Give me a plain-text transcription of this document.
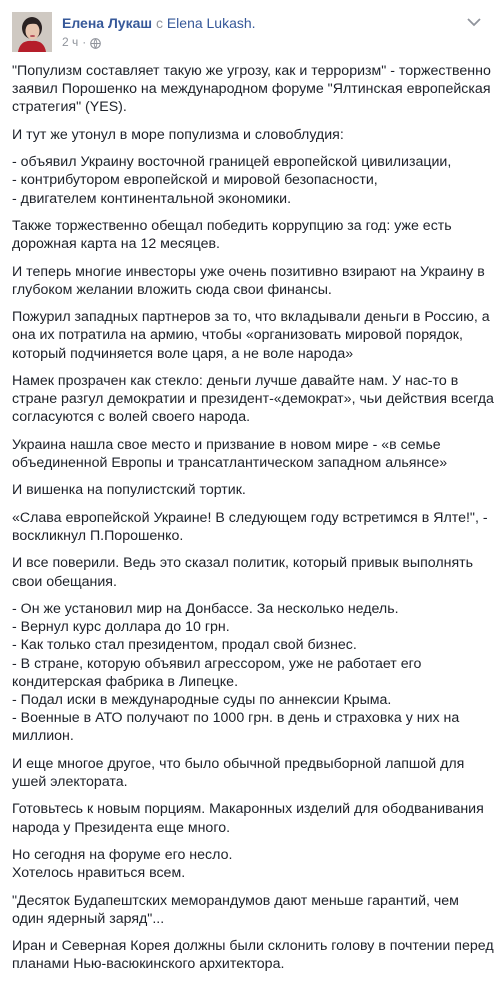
Елена Лукаш с Elena Lukash.
2 ч ·

"Популизм составляет такую же угрозу, как и терроризм" - торжественно
заявил Порошенко на международном форуме "Ялтинская европейская
стратегия" (YES).

И тут же утонул в море популизма и словоблудия:

- объявил Украину восточной границей европейской цивилизации,
- контрибутором европейской и мировой безопасности,
- двигателем континентальной экономики.

Также торжественно обещал победить коррупцию за год: уже есть
дорожная карта на 12 месяцев.

И теперь многие инвесторы уже очень позитивно взирают на Украину в
глубоком желании вложить сюда свои финансы.

Пожурил западных партнеров за то, что вкладывали деньги в Россию, а
она их потратила на армию, чтобы «организовать мировой порядок,
который подчиняется воле царя, а не воле народа»

Намек прозрачен как стекло: деньги лучше давайте нам. У нас-то в
стране разгул демократии и президент-«демократ», чьи действия всегда
согласуются с волей своего народа.

Украина нашла свое место и призвание в новом мире - «в семье
объединенной Европы и трансатлантическом западном альянсе»

И вишенка на популистский тортик.

«Слава европейской Украине! В следующем году встретимся в Ялте!", -
воскликнул П.Порошенко.

И все поверили. Ведь это сказал политик, который привык выполнять
свои обещания.

- Он же установил мир на Донбассе. За несколько недель.
- Вернул курс доллара до 10 грн.
- Как только стал президентом, продал свой бизнес.
- В стране, которую объявил агрессором, уже не работает его
кондитерская фабрика в Липецке.
- Подал иски в международные суды по аннексии Крыма.
- Военные в АТО получают по 1000 грн. в день и страховка у них на
миллион.

И еще многое другое, что было обычной предвыборной лапшой для
ушей электората.

Готовьтесь к новым порциям. Макаронных изделий для ободванивания
народа у Президента еще много.

Но сегодня на форуме его несло.
Хотелось нравиться всем.

"Десяток Будапештских меморандумов дают меньше гарантий, чем
один ядерный заряд"...

Иран и Северная Корея должны были склонить голову в почтении перед
планами Нью-васюкинского архитектора.
